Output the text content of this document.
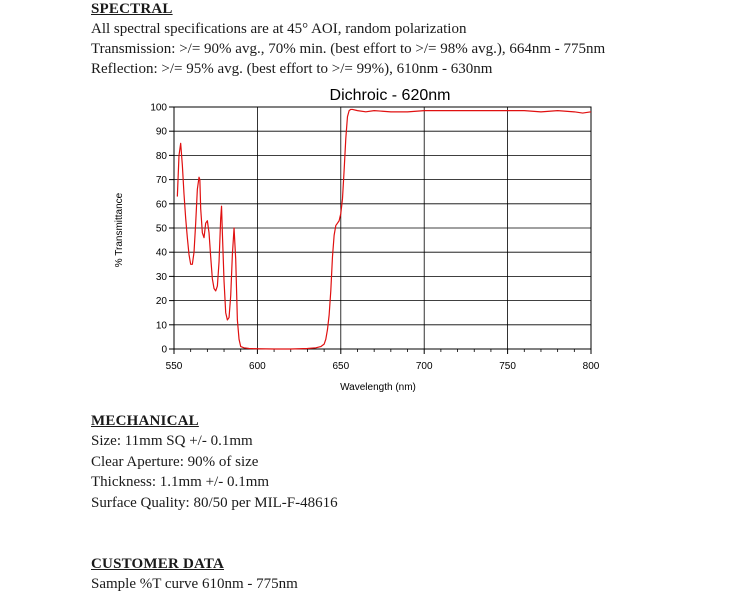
SPECTRAL
All spectral specifications are at 45° AOI, random polarization
Transmission: >/= 90% avg., 70% min. (best effort to >/= 98% avg.), 664nm - 775nm
Reflection: >/= 95% avg. (best effort to >/= 99%), 610nm - 630nm
Dichroic - 620nm
550	600	650	700	750	800
0
10
20
30
40
50
60
70
80
90
100
Wavelength (nm)
% Transmittance
MECHANICAL
Size: 11mm SQ +/- 0.1mm
Clear Aperture: 90% of size
Thickness: 1.1mm +/- 0.1mm
Surface Quality: 80/50 per MIL-F-48616
CUSTOMER DATA
Sample %T curve 610nm - 775nm
